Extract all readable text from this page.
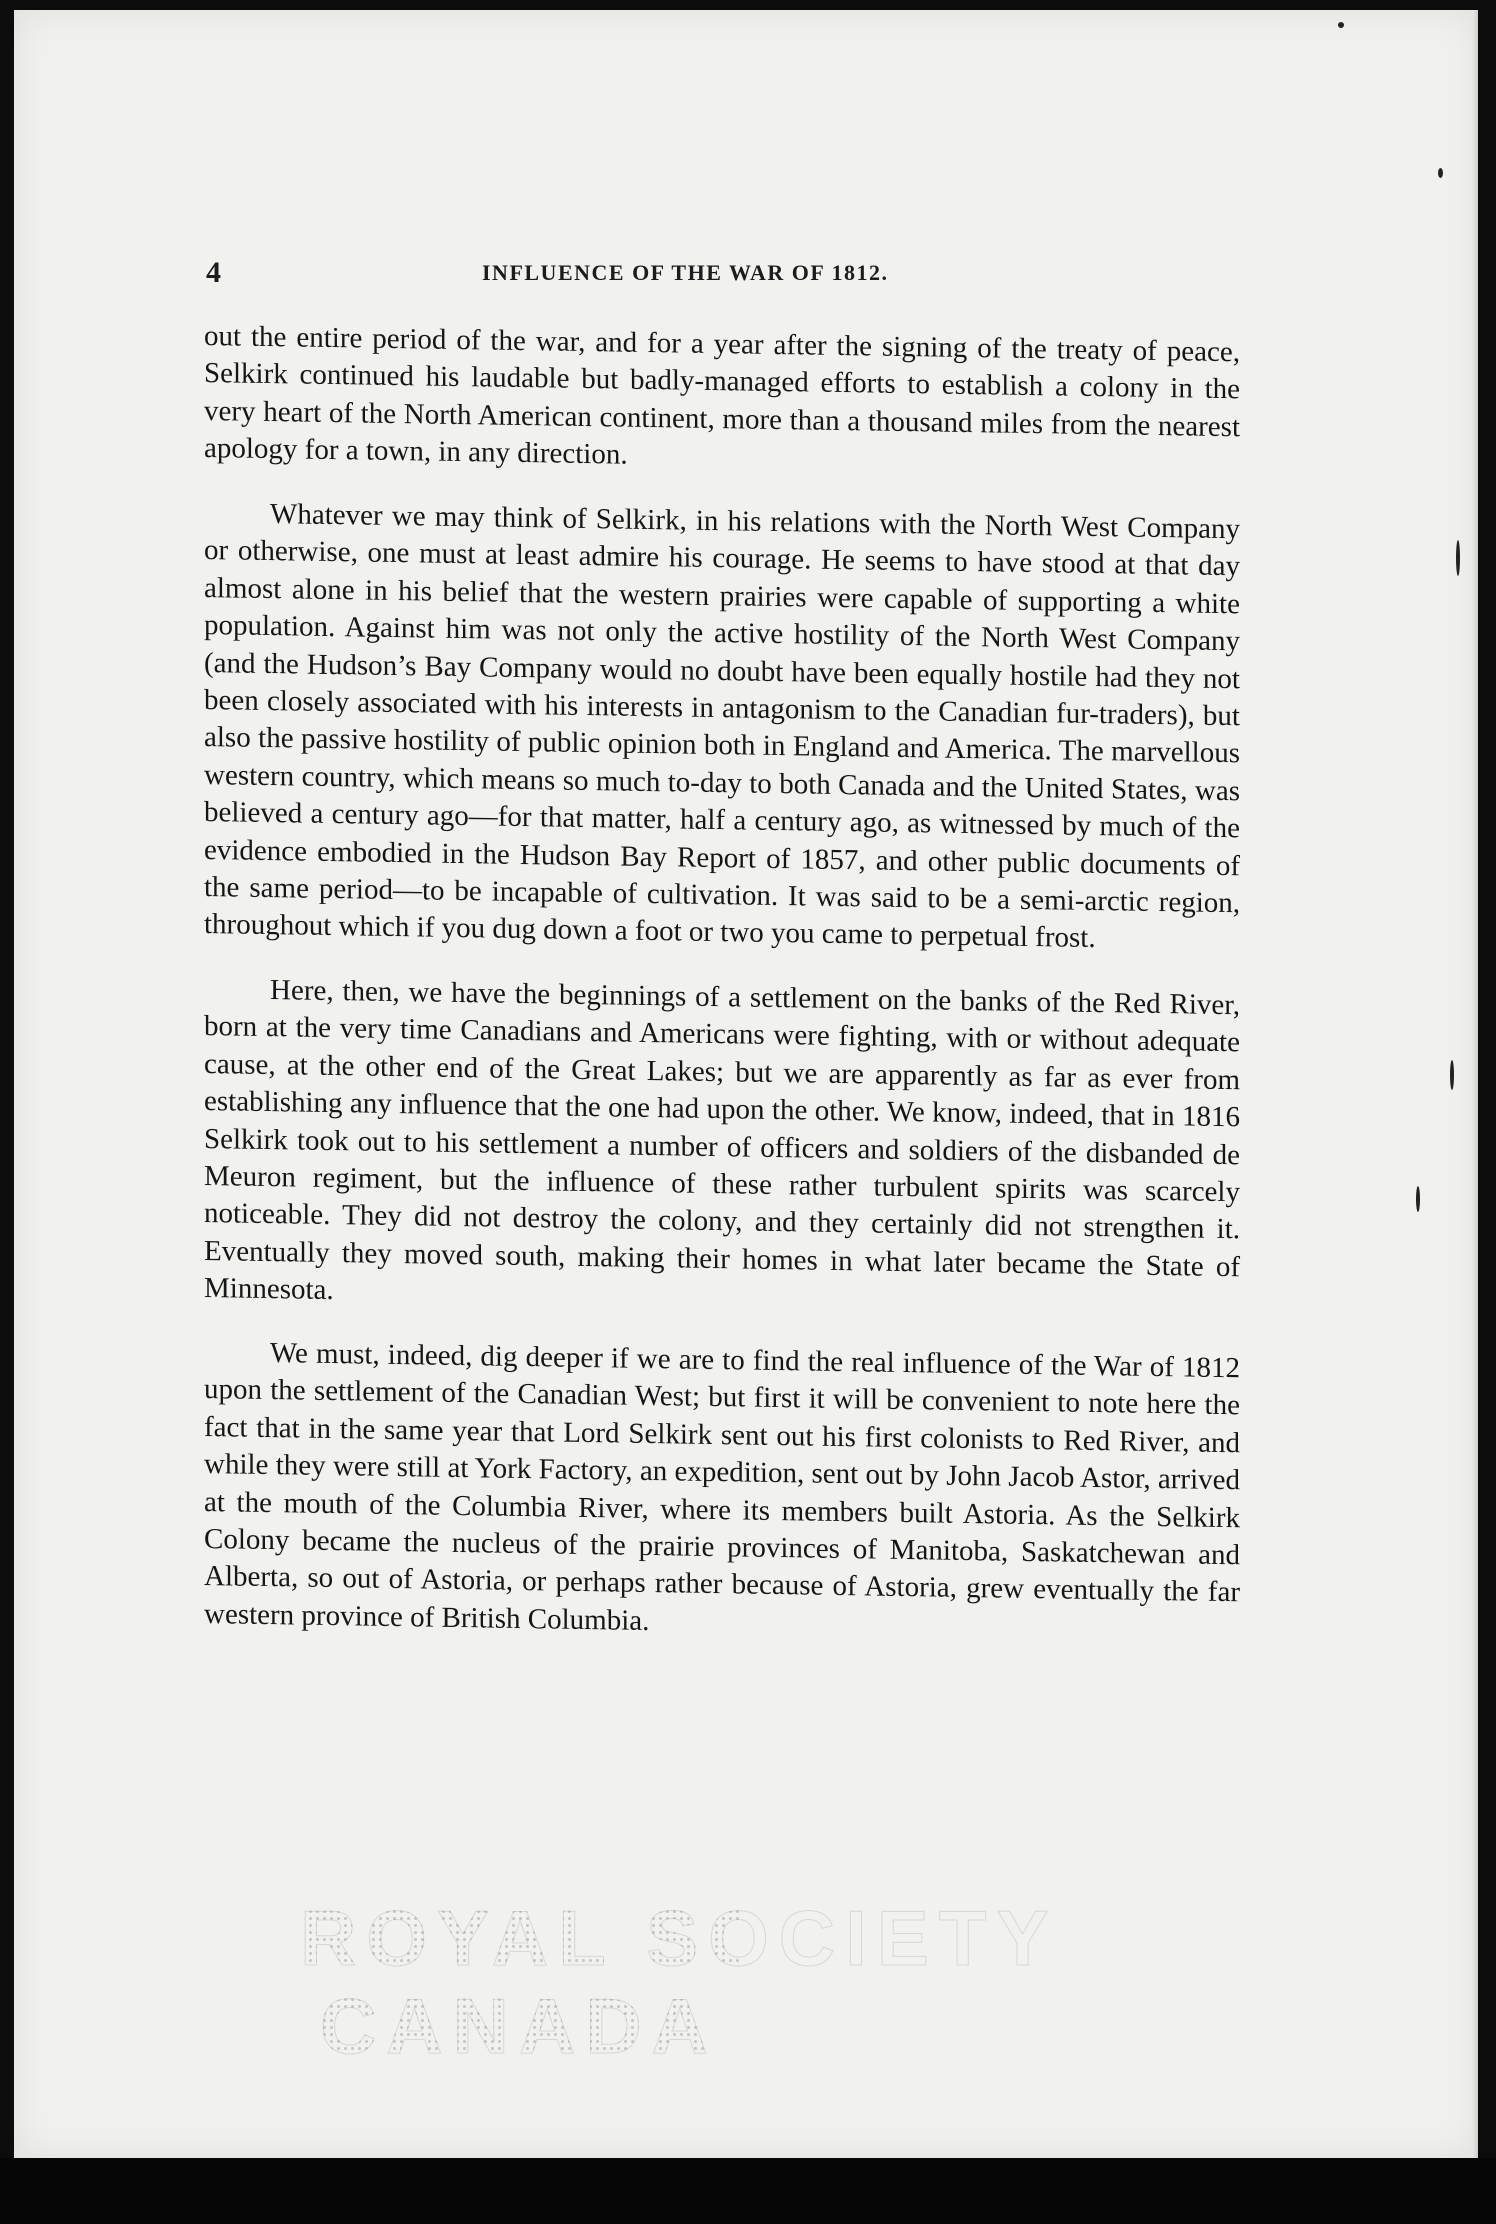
4	INFLUENCE OF THE WAR OF 1812.

out the entire period of the war, and for a year after the signing of the treaty of peace, Selkirk continued his laudable but badly-managed efforts to establish a colony in the very heart of the North American continent, more than a thousand miles from the nearest apology for a town, in any direction.

Whatever we may think of Selkirk, in his relations with the North West Company or otherwise, one must at least admire his courage. He seems to have stood at that day almost alone in his belief that the western prairies were capable of supporting a white population. Against him was not only the active hostility of the North West Company (and the Hudson’s Bay Company would no doubt have been equally hostile had they not been closely associated with his interests in antagonism to the Canadian fur-traders), but also the passive hostility of public opinion both in England and America. The marvellous western country, which means so much to-day to both Canada and the United States, was believed a century ago—for that matter, half a century ago, as witnessed by much of the evidence embodied in the Hudson Bay Report of 1857, and other public documents of the same period—to be incapable of cultivation. It was said to be a semi-arctic region, throughout which if you dug down a foot or two you came to perpetual frost.

Here, then, we have the beginnings of a settlement on the banks of the Red River, born at the very time Canadians and Americans were fighting, with or without adequate cause, at the other end of the Great Lakes; but we are apparently as far as ever from establishing any influence that the one had upon the other. We know, indeed, that in 1816 Selkirk took out to his settlement a number of officers and soldiers of the disbanded de Meuron regiment, but the influence of these rather turbulent spirits was scarcely noticeable. They did not destroy the colony, and they certainly did not strengthen it. Eventually they moved south, making their homes in what later became the State of Minnesota.

We must, indeed, dig deeper if we are to find the real influence of the War of 1812 upon the settlement of the Canadian West; but first it will be convenient to note here the fact that in the same year that Lord Selkirk sent out his first colonists to Red River, and while they were still at York Factory, an expedition, sent out by John Jacob Astor, arrived at the mouth of the Columbia River, where its members built Astoria. As the Selkirk Colony became the nucleus of the prairie provinces of Manitoba, Saskatchewan and Alberta, so out of Astoria, or perhaps rather because of Astoria, grew eventually the far western province of British Columbia.

ROYAL SOCIETY
CANADA
